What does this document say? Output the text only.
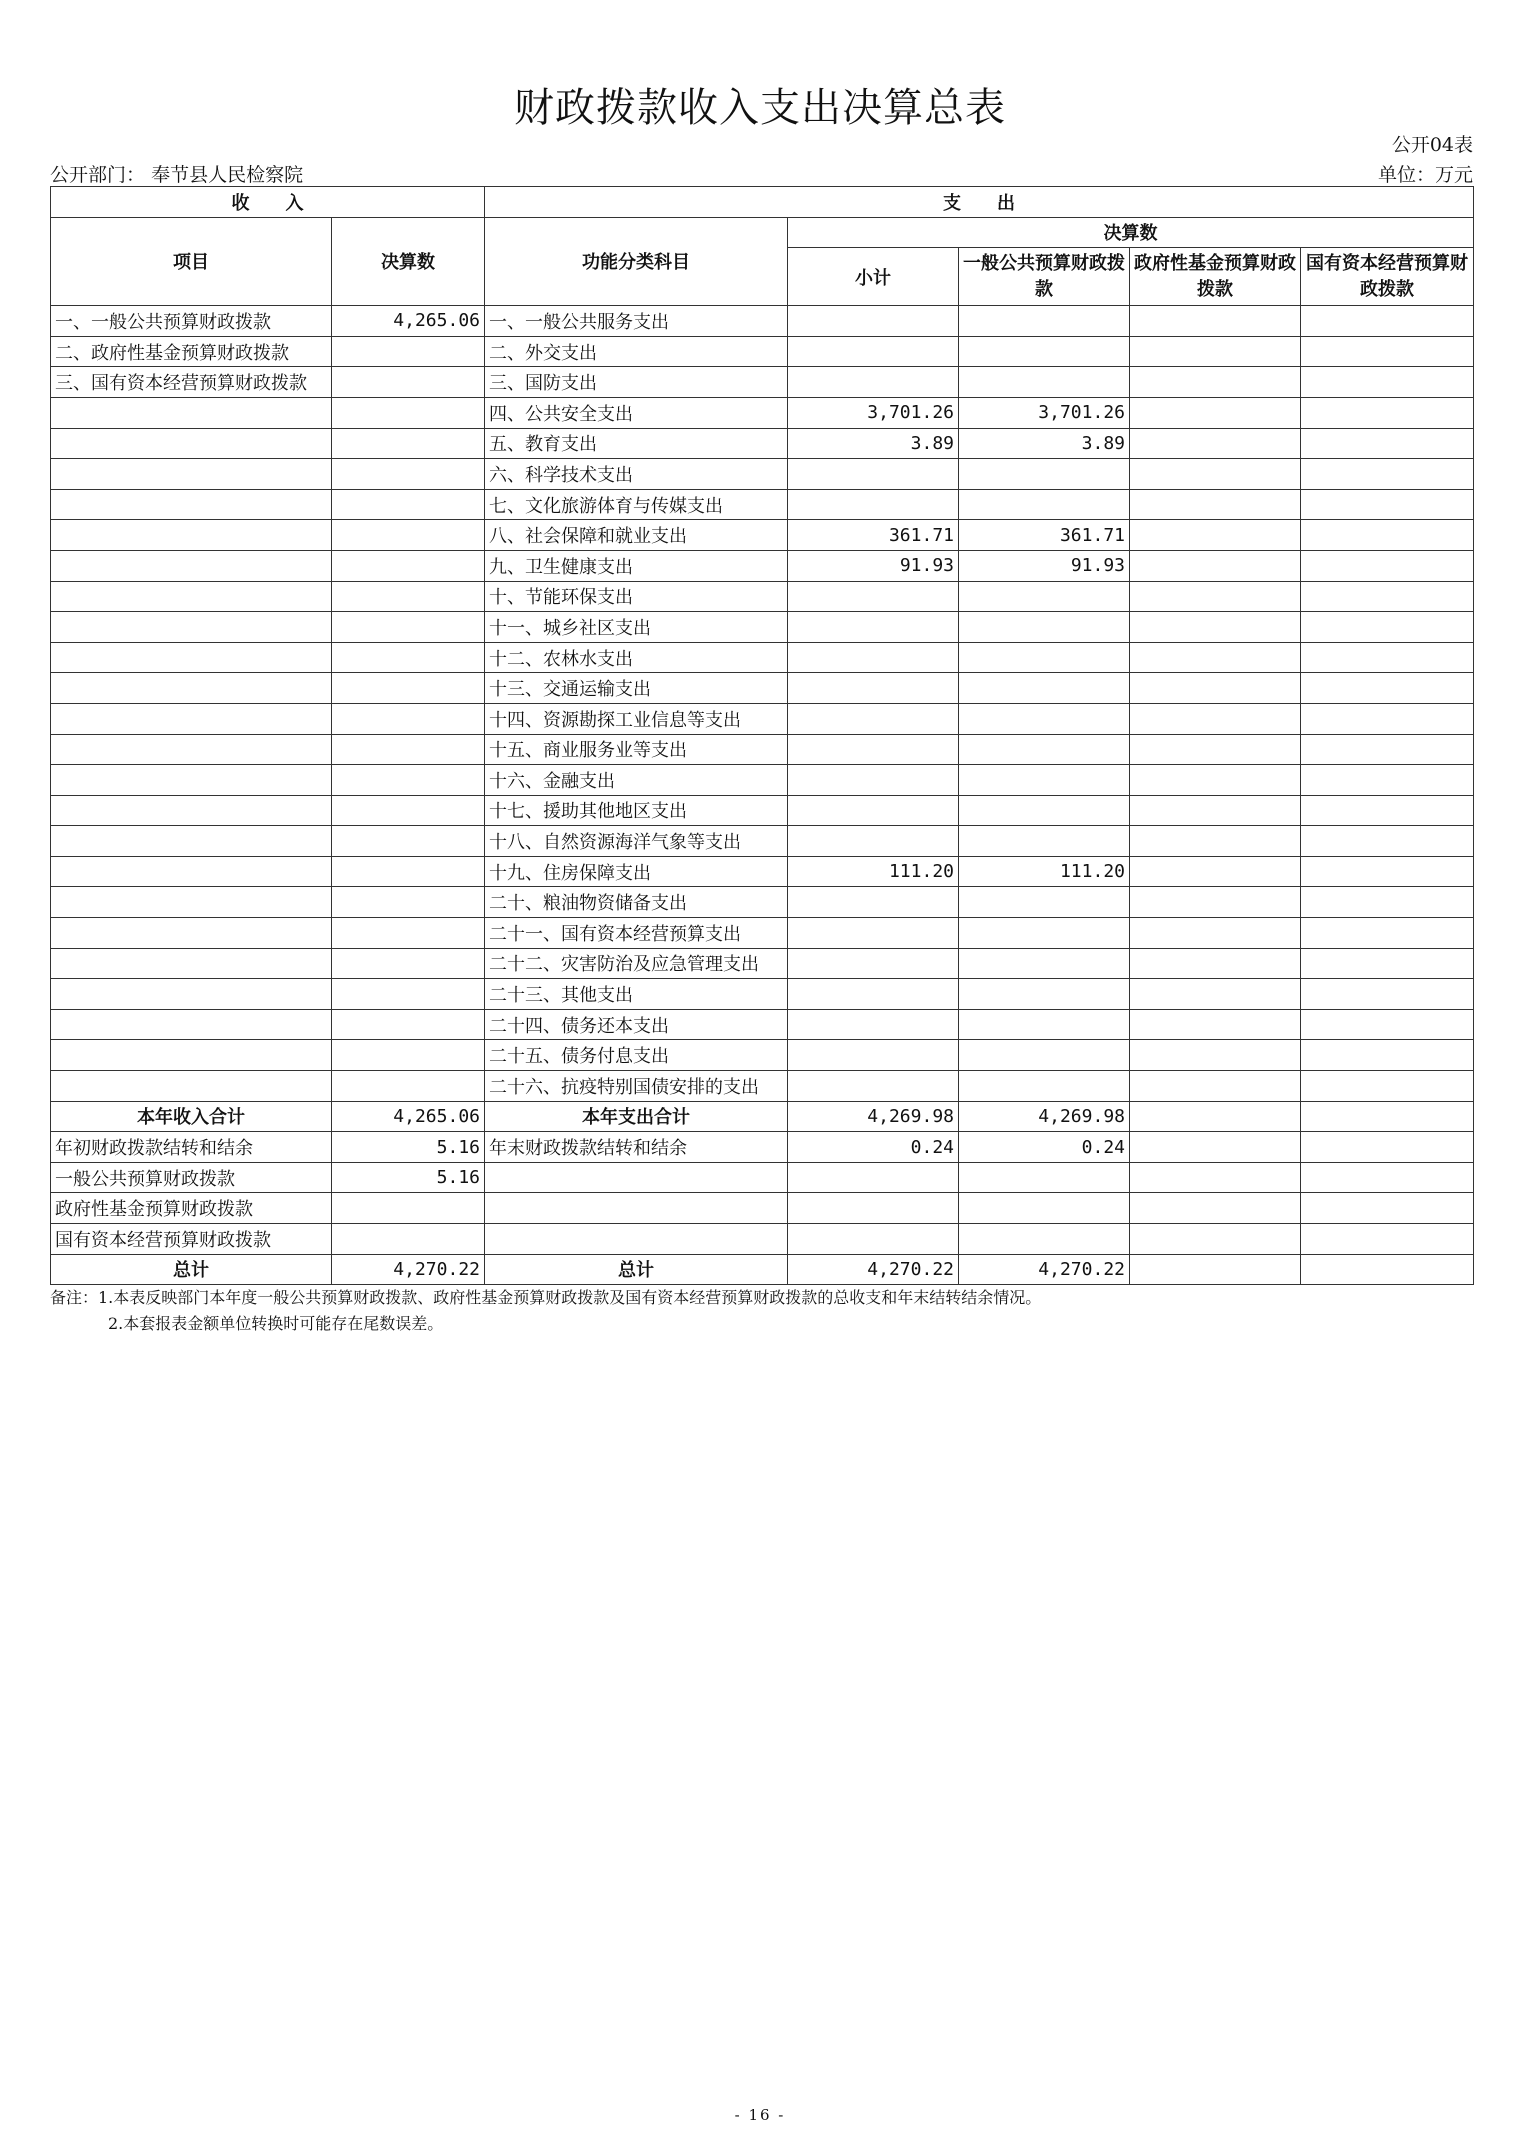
财政拨款收入支出决算总表
公开04表
公开部门： 奉节县人民检察院	单位：万元
收　　入		支　　出				
项目	决算数	功能分类科目	决算数			
			小计	一般公共预算财政拨款	政府性基金预算财政拨款	国有资本经营预算财政拨款
一、一般公共预算财政拨款	4,265.06	一、一般公共服务支出				
二、政府性基金预算财政拨款		二、外交支出				
三、国有资本经营预算财政拨款		三、国防支出				
		四、公共安全支出	3,701.26	3,701.26		
		五、教育支出	3.89	3.89		
		六、科学技术支出				
		七、文化旅游体育与传媒支出				
		八、社会保障和就业支出	361.71	361.71		
		九、卫生健康支出	91.93	91.93		
		十、节能环保支出				
		十一、城乡社区支出				
		十二、农林水支出				
		十三、交通运输支出				
		十四、资源勘探工业信息等支出				
		十五、商业服务业等支出				
		十六、金融支出				
		十七、援助其他地区支出				
		十八、自然资源海洋气象等支出				
		十九、住房保障支出	111.20	111.20		
		二十、粮油物资储备支出				
		二十一、国有资本经营预算支出				
		二十二、灾害防治及应急管理支出				
		二十三、其他支出				
		二十四、债务还本支出				
		二十五、债务付息支出				
		二十六、抗疫特别国债安排的支出				
本年收入合计	4,265.06	本年支出合计	4,269.98	4,269.98		
年初财政拨款结转和结余	5.16	年末财政拨款结转和结余	0.24	0.24		
一般公共预算财政拨款	5.16					
政府性基金预算财政拨款						
国有资本经营预算财政拨款						
总计	4,270.22	总计	4,270.22	4,270.22		
备注：1.本表反映部门本年度一般公共预算财政拨款、政府性基金预算财政拨款及国有资本经营预算财政拨款的总收支和年末结转结余情况。
2.本套报表金额单位转换时可能存在尾数误差。
- 16 -
